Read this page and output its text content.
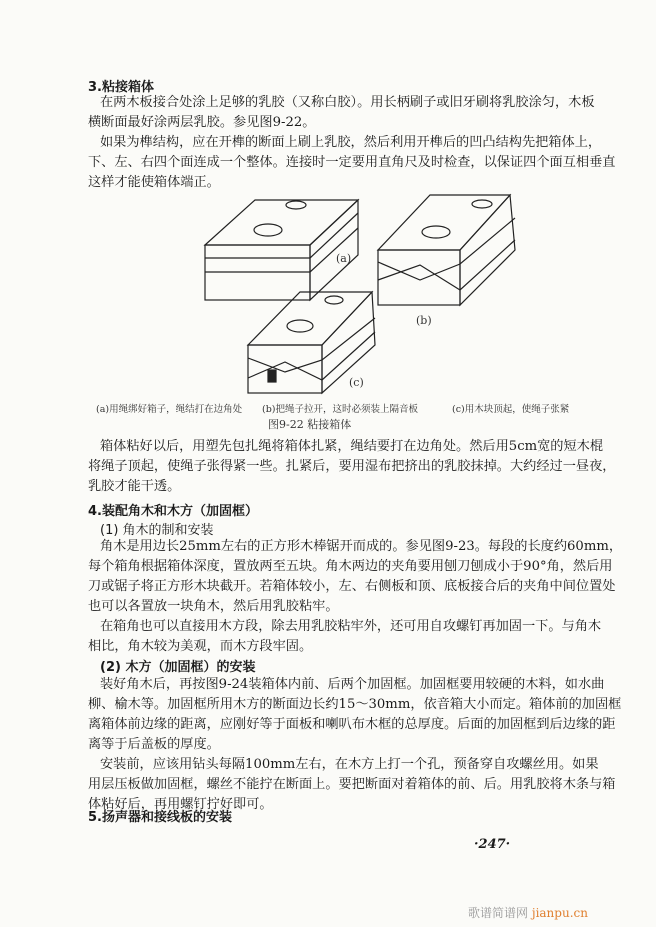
3.粘接箱体
在两木板接合处涂上足够的乳胶（又称白胶）。用长柄刷子或旧牙刷将乳胶涂匀，木板
横断面最好涂两层乳胶。参见图9-22。
如果为榫结构，应在开榫的断面上刷上乳胶，然后利用开榫后的凹凸结构先把箱体上，
下、左、右四个面连成一个整体。连接时一定要用直角尺及时检查，以保证四个面互相垂直
这样才能使箱体端正。
(a)
(b)
(c)
(a)用绳绑好箱子，绳结打在边角处 (b)把绳子拉开，这时必须装上隔音板	(c)用木块顶起，使绳子张紧
图9-22 粘接箱体
箱体粘好以后，用塑先包扎绳将箱体扎紧，绳结要打在边角处。然后用5cm宽的短木棍
将绳子顶起，使绳子张得紧一些。扎紧后，要用湿布把挤出的乳胶抹掉。大约经过一昼夜，
乳胶才能干透。
4.装配角木和木方（加固框）
(1) 角木的制和安装
角木是用边长25mm左右的正方形木棒锯开而成的。参见图9-23。每段的长度约60mm，
每个箱角根据箱体深度，置放两至五块。角木两边的夹角要用刨刀刨成小于90°角，然后用
刀或锯子将正方形木块截开。若箱体较小，左、右侧板和顶、底板接合后的夹角中间位置处
也可以各置放一块角木，然后用乳胶粘牢。
在箱角也可以直接用木方段，除去用乳胶粘牢外，还可用自攻螺钉再加固一下。与角木
相比，角木较为美观，而木方段牢固。
(2) 木方（加固框）的安装
装好角木后，再按图9-24装箱体内前、后两个加固框。加固框要用较硬的木料，如水曲
柳、榆木等。加固框所用木方的断面边长约15～30mm，依音箱大小而定。箱体前的加固框
离箱体前边缘的距离，应刚好等于面板和喇叭布木框的总厚度。后面的加固框到后边缘的距
离等于后盖板的厚度。
安装前，应该用钻头每隔100mm左右，在木方上打一个孔，预备穿自攻螺丝用。如果
用层压板做加固框，螺丝不能拧在断面上。要把断面对着箱体的前、后。用乳胶将木条与箱
体粘好后，再用螺钉拧好即可。
5.扬声器和接线板的安装
·247·
歌谱简谱网 jianpu.cn
